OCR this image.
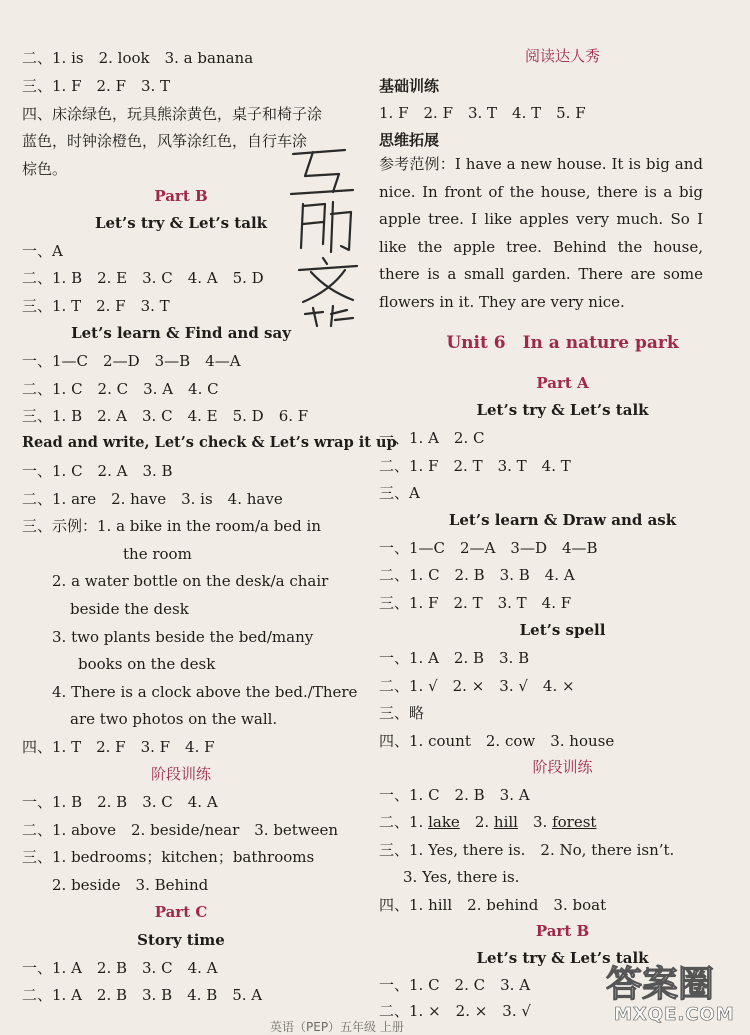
二、1. is　2. look　3. a banana
三、1. F　2. F　3. T
四、床涂绿色，玩具熊涂黄色，桌子和椅子涂
蓝色，时钟涂橙色，风筝涂红色，自行车涂
棕色。
Part B
Let’s try & Let’s talk
一、A
二、1. B　2. E　3. C　4. A　5. D
三、1. T　2. F　3. T
Let’s learn & Find and say
一、1—C　2—D　3—B　4—A
二、1. C　2. C　3. A　4. C
三、1. B　2. A　3. C　4. E　5. D　6. F
Read and write, Let’s check & Let’s wrap it up
一、1. C　2. A　3. B
二、1. are　2. have　3. is　4. have
三、示例：1. a bike in the room/a bed in
the room
2. a water bottle on the desk/a chair
beside the desk
3. two plants beside the bed/many
books on the desk
4. There is a clock above the bed./There
are two photos on the wall.
四、1. T　2. F　3. F　4. F
阶段训练
一、1. B　2. B　3. C　4. A
二、1. above　2. beside/near　3. between
三、1. bedrooms；kitchen；bathrooms
2. beside　3. Behind
Part C
Story time
一、1. A　2. B　3. C　4. A
二、1. A　2. B　3. B　4. B　5. A
阅读达人秀
基础训练
1. F　2. F　3. T　4. T　5. F
思维拓展
参考范例：I have a new house. It is big and nice. In front of the house, there is a big apple tree. I like apples very much. So I like the apple tree. Behind the house, there is a small garden. There are some flowers in it. They are very nice.
Unit 6　In a nature park
Part A
Let’s try & Let’s talk
一、1. A　2. C
二、1. F　2. T　3. T　4. T
三、A
Let’s learn & Draw and ask
一、1—C　2—A　3—D　4—B
二、1. C　2. B　3. B　4. A
三、1. F　2. T　3. T　4. F
Let’s spell
一、1. A　2. B　3. B
二、1. √　2. ×　3. √　4. ×
三、略
四、1. count　2. cow　3. house
阶段训练
一、1. C　2. B　3. A
二、1. lake　2. hill　3. forest
三、1. Yes, there is.　2. No, there isn’t.
3. Yes, there is.
四、1. hill　2. behind　3. boat
Part B
Let’s try & Let’s talk
一、1. C　2. C　3. A
二、1. ×　2. ×　3. √
英语（PEP）五年级 上册
答案圈
MXQE.COM
